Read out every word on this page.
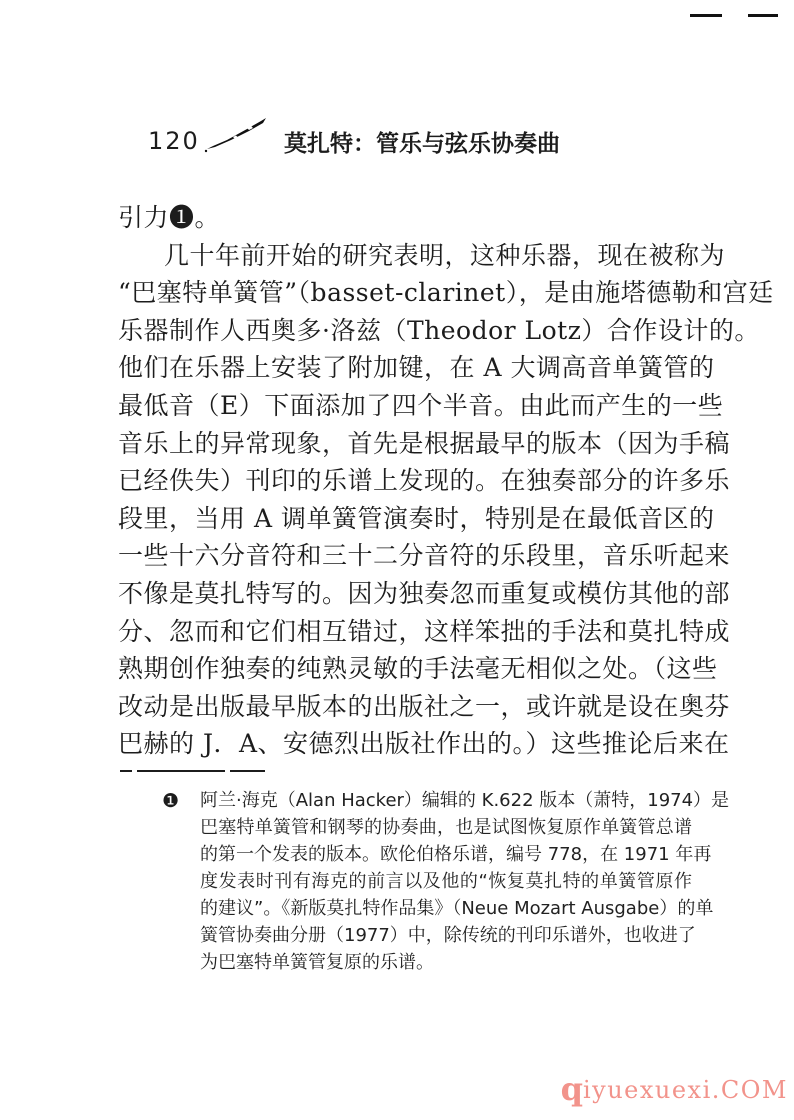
120	莫扎特：管乐与弦乐协奏曲
引力❶。
几十年前开始的研究表明，这种乐器，现在被称为
“巴塞特单簧管”（basset-clarinet），是由施塔德勒和宫廷
乐器制作人西奥多·洛兹（Theodor Lotz）合作设计的。
他们在乐器上安装了附加键，在 A 大调高音单簧管的
最低音（E）下面添加了四个半音。由此而产生的一些
音乐上的异常现象，首先是根据最早的版本（因为手稿
已经佚失）刊印的乐谱上发现的。在独奏部分的许多乐
段里，当用 A 调单簧管演奏时，特别是在最低音区的
一些十六分音符和三十二分音符的乐段里，音乐听起来
不像是莫扎特写的。因为独奏忽而重复或模仿其他的部
分、忽而和它们相互错过，这样笨拙的手法和莫扎特成
熟期创作独奏的纯熟灵敏的手法毫无相似之处。（这些
改动是出版最早版本的出版社之一，或许就是设在奥芬
巴赫的 J．A、安德烈出版社作出的。）这些推论后来在
❶ 阿兰·海克（Alan Hacker）编辑的 K.622 版本（萧特，1974）是
巴塞特单簧管和钢琴的协奏曲，也是试图恢复原作单簧管总谱
的第一个发表的版本。欧伦伯格乐谱，编号 778，在 1971 年再
度发表时刊有海克的前言以及他的“恢复莫扎特的单簧管原作
的建议”。《新版莫扎特作品集》（Neue Mozart Ausgabe）的单
簧管协奏曲分册（1977）中，除传统的刊印乐谱外，也收进了
为巴塞特单簧管复原的乐谱。
qiyuexuexi.COM
